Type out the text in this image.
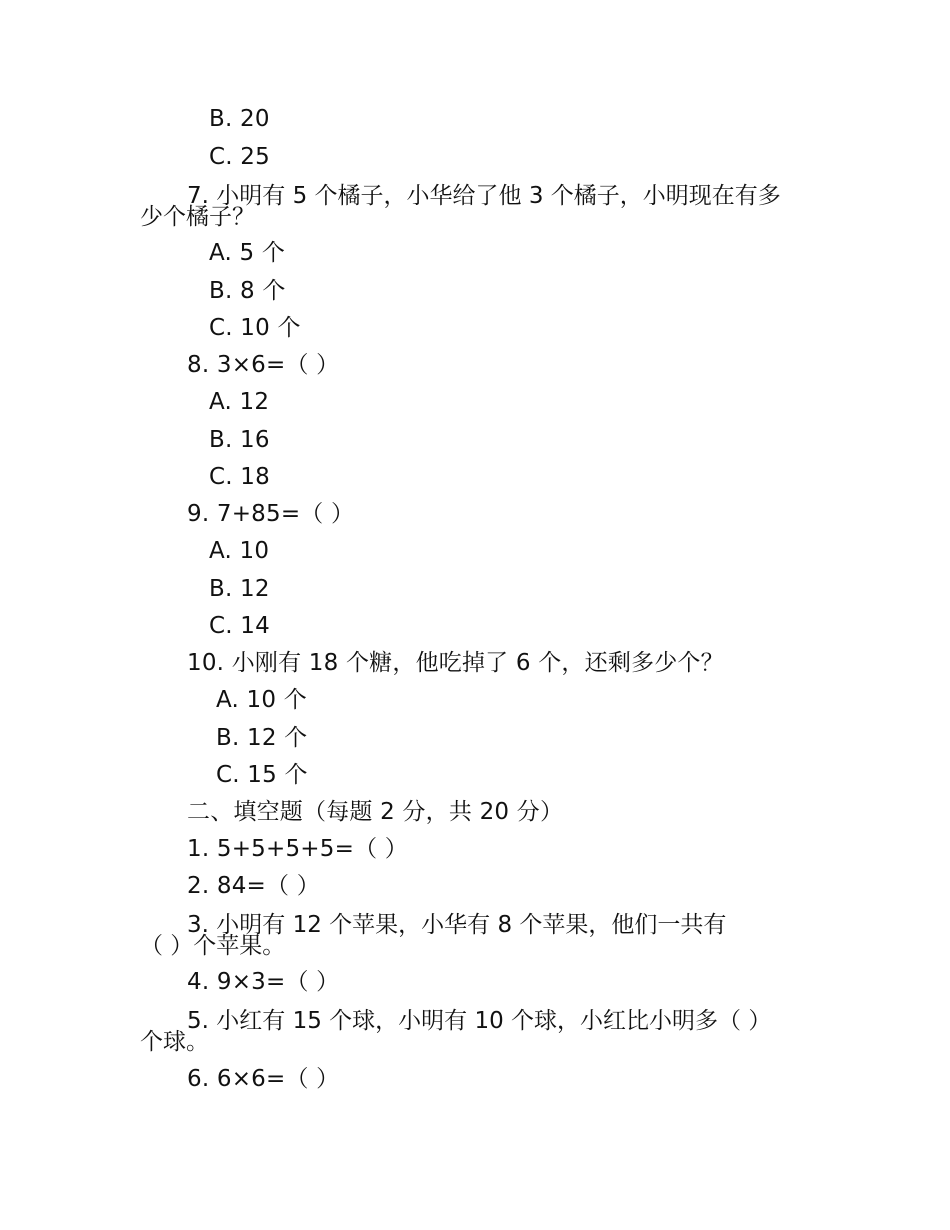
B. 20
C. 25
7. 小明有 5 个橘子，小华给了他 3 个橘子，小明现在有多
少个橘子？
A. 5 个
B. 8 个
C. 10 个
8. 3×6=（ ）
A. 12
B. 16
C. 18
9. 7+85=（ ）
A. 10
B. 12
C. 14
10. 小刚有 18 个糖，他吃掉了 6 个，还剩多少个？
A. 10 个
B. 12 个
C. 15 个
二、填空题（每题 2 分，共 20 分）
1. 5+5+5+5=（ ）
2. 84=（ ）
3. 小明有 12 个苹果，小华有 8 个苹果，他们一共有
（ ）个苹果。
4. 9×3=（ ）
5. 小红有 15 个球，小明有 10 个球，小红比小明多（ ）
个球。
6. 6×6=（ ）
